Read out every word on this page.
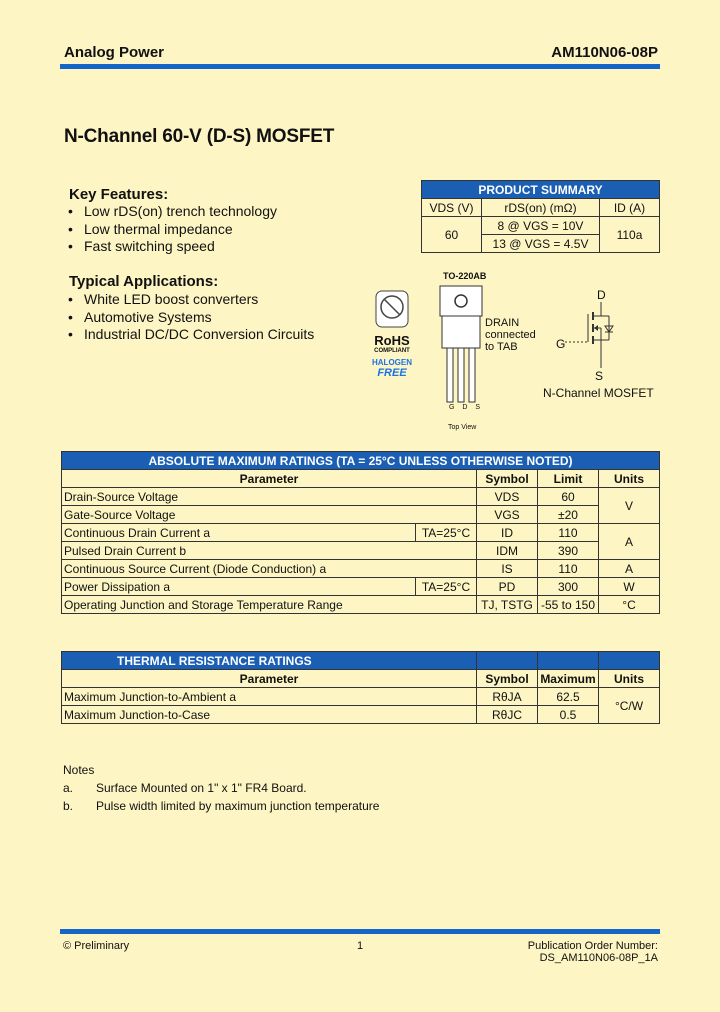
Analog Power	AM110N06-08P
N-Channel 60-V (D-S) MOSFET
Key Features:
• Low rDS(on) trench technology
• Low thermal impedance
• Fast switching speed
Typical Applications:
• White LED boost converters
• Automotive Systems
• Industrial DC/DC Conversion Circuits
PRODUCT SUMMARY		
VDS (V)	rDS(on) (mΩ)	ID (A)
60	8 @ VGS = 10V	110a
	13 @ VGS = 4.5V	
RoHS
COMPLIANT
HALOGEN
FREE
TO-220AB
DRAIN connected to TAB
G D S
Top View
D
G
S
N-Channel MOSFET
ABSOLUTE MAXIMUM RATINGS (TA = 25°C UNLESS OTHERWISE NOTED)				
Parameter		Symbol	Limit	Units
Drain-Source Voltage		VDS	60	V
Gate-Source Voltage		VGS	±20	
Continuous Drain Current a	TA=25°C	ID	110	A
Pulsed Drain Current b		IDM	390	
Continuous Source Current (Diode Conduction) a		IS	110	A
Power Dissipation a	TA=25°C	PD	300	W
Operating Junction and Storage Temperature Range		TJ, TSTG	-55 to 150	°C
THERMAL RESISTANCE RATINGS			
Parameter	Symbol	Maximum	Units
Maximum Junction-to-Ambient a	RθJA	62.5	°C/W
Maximum Junction-to-Case	RθJC	0.5	
Notes
a. Surface Mounted on 1" x 1" FR4 Board.
b. Pulse width limited by maximum junction temperature
© Preliminary	1	Publication Order Number:
DS_AM110N06-08P_1A
